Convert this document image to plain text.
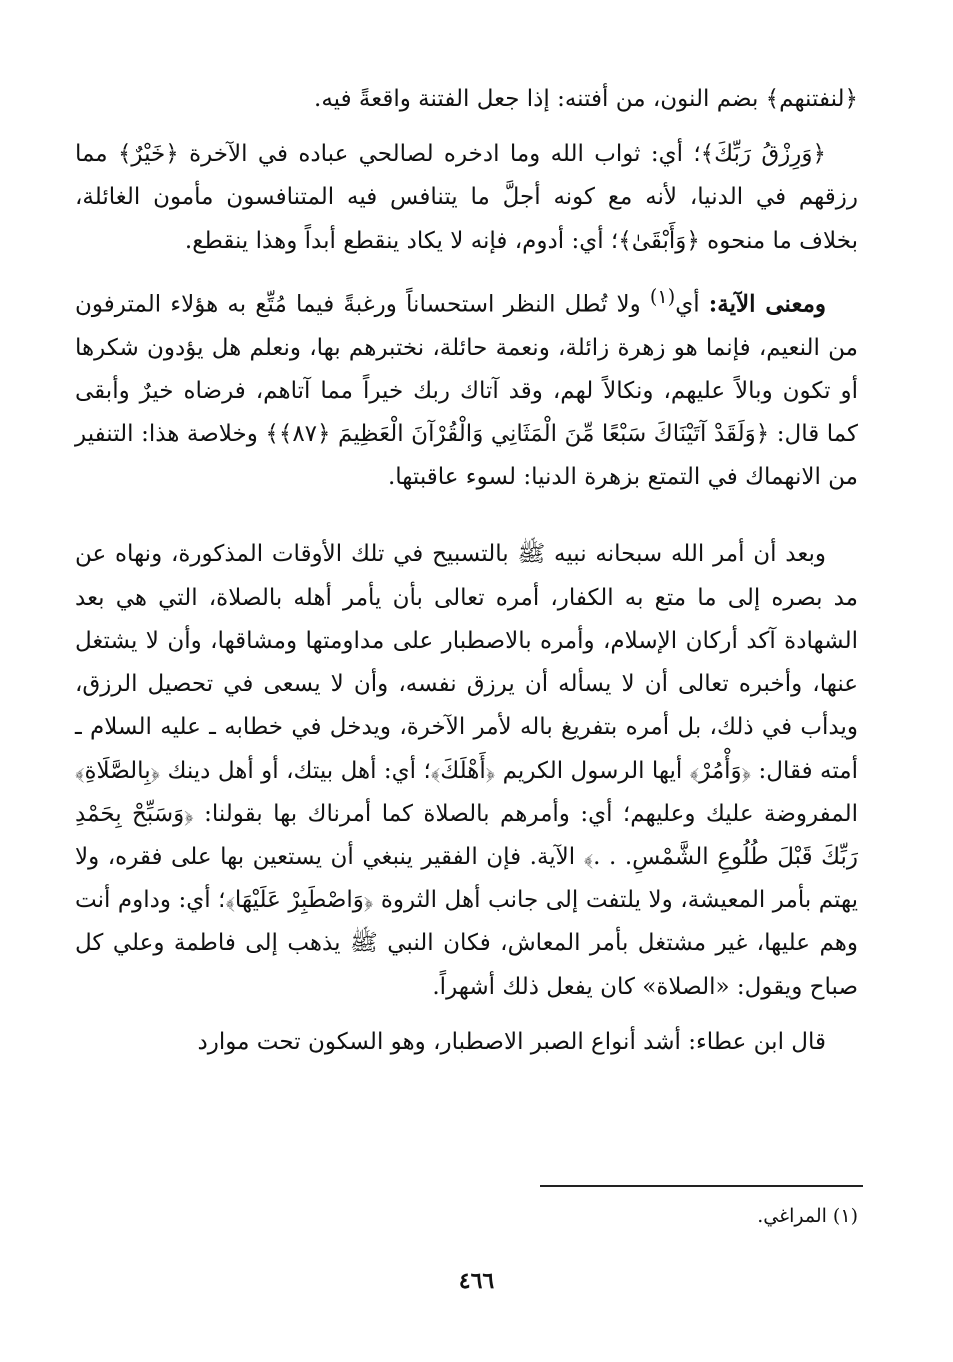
﴿لنفتنهم﴾ بضم النون، من أفتنه: إذا جعل الفتنة واقعةً فيه.

﴿وَرِزْقُ رَبِّكَ﴾؛ أي: ثواب الله وما ادخره لصالحي عباده في الآخرة ﴿خَيْرٌ﴾ مما رزقهم في الدنيا، لأنه مع كونه أجلَّ ما يتنافس فيه المتنافسون مأمون الغائلة، بخلاف ما منحوه ﴿وَأَبْقَىٰ﴾؛ أي: أدوم، فإنه لا يكاد ينقطع أبداً وهذا ينقطع.

ومعنى الآية: أي$^{(١)}$ ولا تُطل النظر استحساناً ورغبةً فيما مُتِّع به هؤلاء المترفون من النعيم، فإنما هو زهرة زائلة، ونعمة حائلة، نختبرهم بها، ونعلم هل يؤدون شكرها أو تكون وبالاً عليهم، ونكالاً لهم، وقد آتاك ربك خيراً مما آتاهم، فرضاه خيرٌ وأبقى كما قال: ﴿وَلَقَدْ آتَيْنَاكَ سَبْعًا مِّنَ الْمَثَانِي وَالْقُرْآنَ الْعَظِيمَ ﴿٨٧﴾﴾ وخلاصة هذا: التنفير من الانهماك في التمتع بزهرة الدنيا: لسوء عاقبتها.

وبعد أن أمر الله سبحانه نبيه ﷺ بالتسبيح في تلك الأوقات المذكورة، ونهاه عن مد بصره إلى ما متع به الكفار، أمره تعالى بأن يأمر أهله بالصلاة، التي هي بعد الشهادة آكد أركان الإسلام، وأمره بالاصطبار على مداومتها ومشاقها، وأن لا يشتغل عنها، وأخبره تعالى أن لا يسأله أن يرزق نفسه، وأن لا يسعى في تحصيل الرزق، ويدأب في ذلك، بل أمره بتفريغ باله لأمر الآخرة، ويدخل في خطابه ـ عليه السلام ـ أمته فقال: ﴿وَأْمُرْ﴾ أيها الرسول الكريم ﴿أَهْلَكَ﴾؛ أي: أهل بيتك، أو أهل دينك ﴿بِالصَّلَاةِ﴾ المفروضة عليك وعليهم؛ أي: وأمرهم بالصلاة كما أمرناك بها بقولنا: ﴿وَسَبِّحْ بِحَمْدِ رَبِّكَ قَبْلَ طُلُوعِ الشَّمْسِ. . .﴾ الآية. فإن الفقير ينبغي أن يستعين بها على فقره، ولا يهتم بأمر المعيشة، ولا يلتفت إلى جانب أهل الثروة ﴿وَاصْطَبِرْ عَلَيْهَا﴾؛ أي: وداوم أنت وهم عليها، غير مشتغل بأمر المعاش، فكان النبي ﷺ يذهب إلى فاطمة وعلي كل صباح ويقول: «الصلاة» كان يفعل ذلك أشهراً.

قال ابن عطاء: أشد أنواع الصبر الاصطبار، وهو السكون تحت موارد

(١) المراغي.
٤٦٦
